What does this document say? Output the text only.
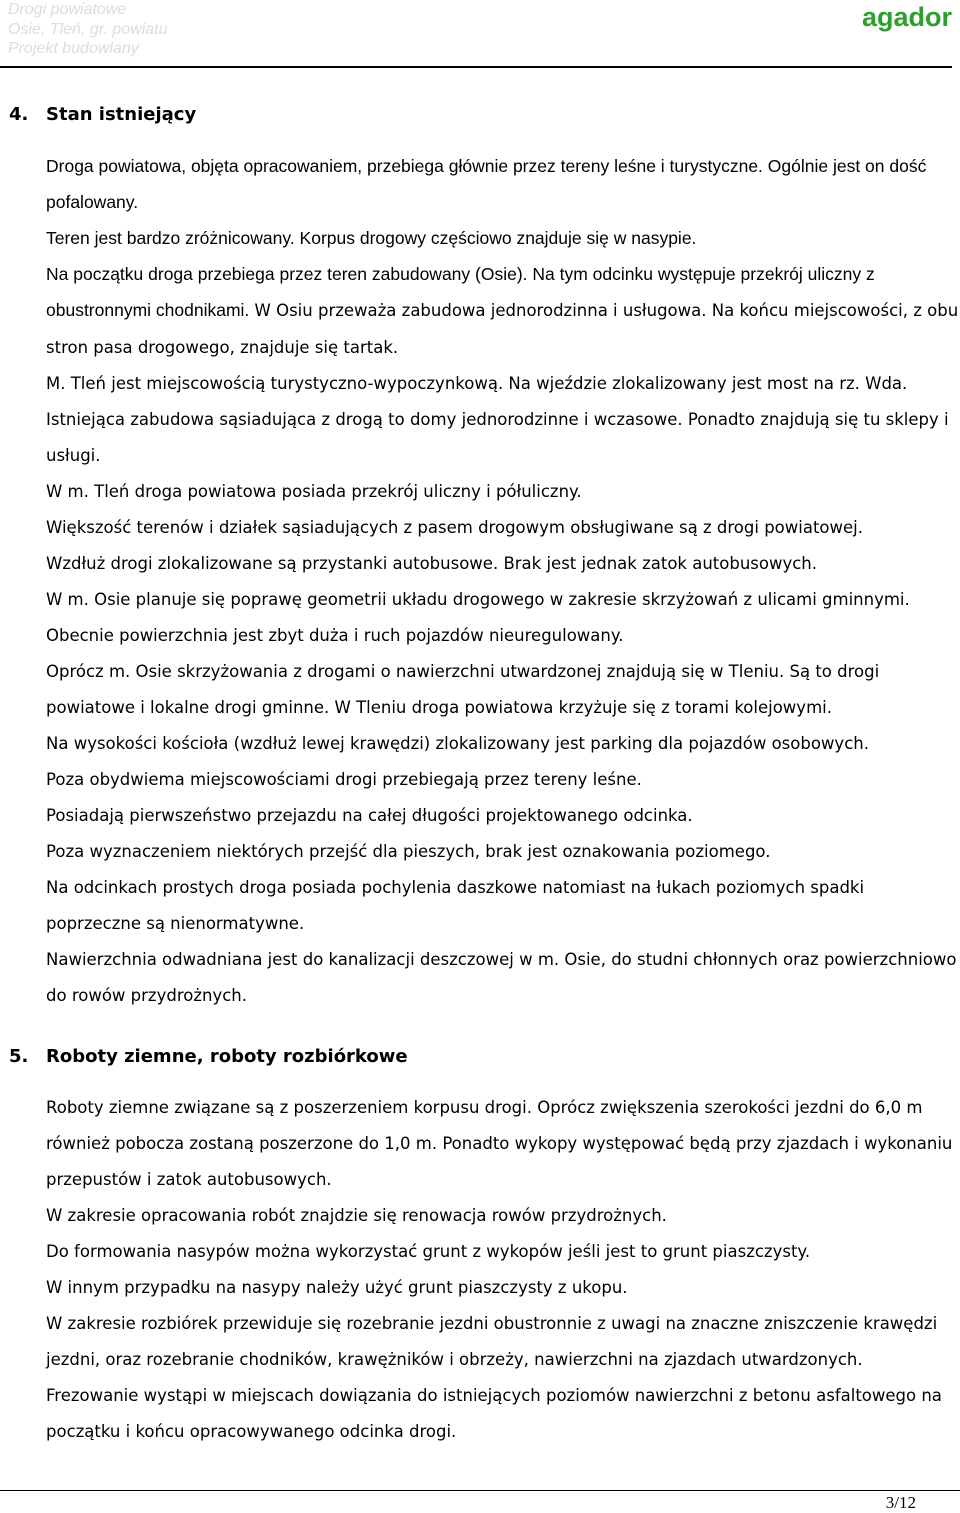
Drogi powiatowe
Osie, Tleń, gr. powiatu
Projekt budowlany
agador
4. Stan istniejący

Droga powiatowa, objęta opracowaniem, przebiega głównie przez tereny leśne i turystyczne. Ogólnie jest on dość pofalowany.
Teren jest bardzo zróżnicowany. Korpus drogowy częściowo znajduje się w nasypie.
Na początku droga przebiega przez teren zabudowany (Osie). Na tym odcinku występuje przekrój uliczny z obustronnymi chodnikami. W Osiu przeważa zabudowa jednorodzinna i usługowa. Na końcu miejscowości, z obu stron pasa drogowego, znajduje się tartak.

M. Tleń jest miejscowością turystyczno-wypoczynkową. Na wjeździe zlokalizowany jest most na rz. Wda. Istniejąca zabudowa sąsiadująca z drogą to domy jednorodzinne i wczasowe. Ponadto znajdują się tu sklepy i usługi.

W m. Tleń droga powiatowa posiada przekrój uliczny i półuliczny.

Większość terenów i działek sąsiadujących z pasem drogowym obsługiwane są z drogi powiatowej.

Wzdłuż drogi zlokalizowane są przystanki autobusowe. Brak jest jednak zatok autobusowych.

W m. Osie planuje się poprawę geometrii układu drogowego w zakresie skrzyżowań z ulicami gminnymi. Obecnie powierzchnia jest zbyt duża i ruch pojazdów nieuregulowany.

Oprócz m. Osie skrzyżowania z drogami o nawierzchni utwardzonej znajdują się w Tleniu. Są to drogi powiatowe i lokalne drogi gminne. W Tleniu droga powiatowa krzyżuje się z torami kolejowymi.

Na wysokości kościoła (wzdłuż lewej krawędzi) zlokalizowany jest parking dla pojazdów osobowych.

Poza obydwiema miejscowościami drogi przebiegają przez tereny leśne.

Posiadają pierwszeństwo przejazdu na całej długości projektowanego odcinka.

Poza wyznaczeniem niektórych przejść dla pieszych, brak jest oznakowania poziomego.

Na odcinkach prostych droga posiada pochylenia daszkowe natomiast na łukach poziomych spadki poprzeczne są nienormatywne.

Nawierzchnia odwadniana jest do kanalizacji deszczowej w m. Osie, do studni chłonnych oraz powierzchniowo do rowów przydrożnych.

5. Roboty ziemne, roboty rozbiórkowe

Roboty ziemne związane są z poszerzeniem korpusu drogi. Oprócz zwiększenia szerokości jezdni do 6,0 m również pobocza zostaną poszerzone do 1,0 m. Ponadto wykopy występować będą przy zjazdach i wykonaniu przepustów i zatok autobusowych.

W zakresie opracowania robót znajdzie się renowacja rowów przydrożnych.

Do formowania nasypów można wykorzystać grunt z wykopów jeśli jest to grunt piaszczysty.

W innym przypadku na nasypy należy użyć grunt piaszczysty z ukopu.

W zakresie rozbiórek przewiduje się rozebranie jezdni obustronnie z uwagi na znaczne zniszczenie krawędzi jezdni, oraz rozebranie chodników, krawężników i obrzeży, nawierzchni na zjazdach utwardzonych.

Frezowanie wystąpi w miejscach dowiązania do istniejących poziomów nawierzchni z betonu asfaltowego na początku i końcu opracowywanego odcinka drogi.

3/12
